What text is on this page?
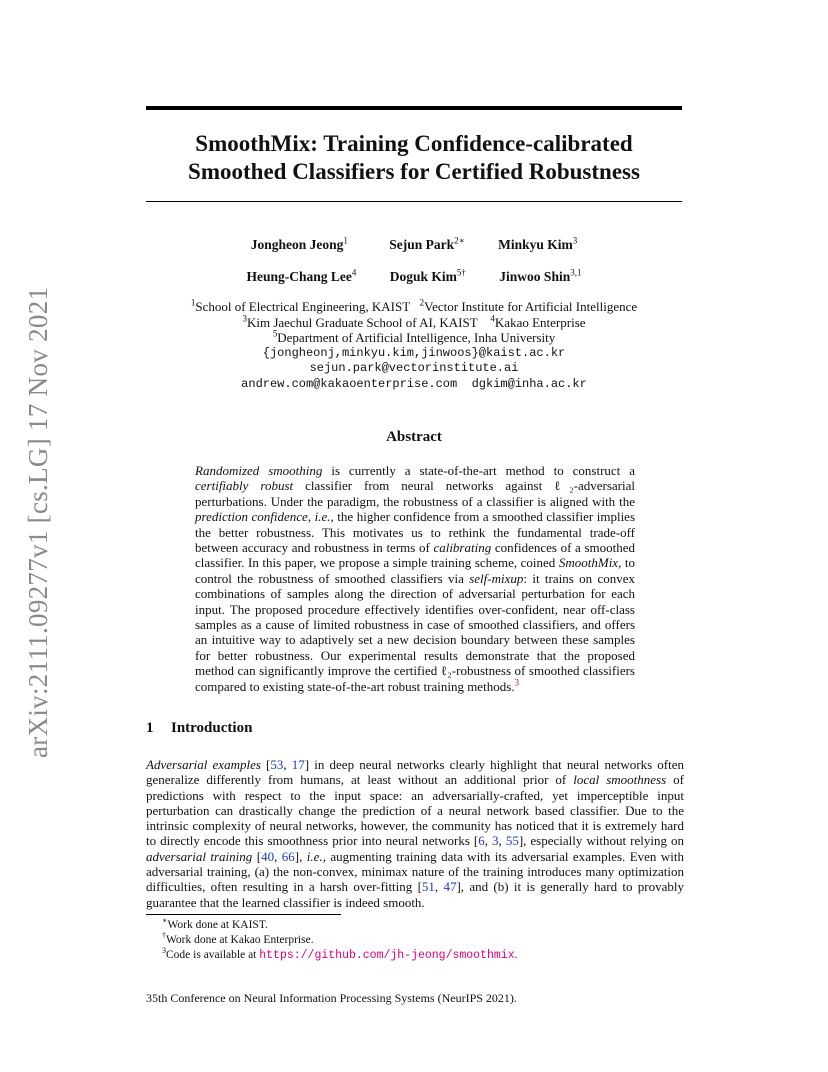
arXiv:2111.09277v1 [cs.LG] 17 Nov 2021
SmoothMix: Training Confidence-calibrated
Smoothed Classifiers for Certified Robustness
Jongheon Jeong$^1$	Sejun Park$^{2∗}$ Minkyu Kim$^3$
Heung-Chang Lee$^4$ Doguk Kim$^{5\dagger}$ Jinwoo Shin$^{3,1}$
$^1$School of Electrical Engineering, KAIST $^2$Vector Institute for Artificial Intelligence
$^3$Kim Jaechul Graduate School of AI, KAIST $^4$Kakao Enterprise
$^5$Department of Artificial Intelligence, Inha University
{jongheonj,minkyu.kim,jinwoos}@kaist.ac.kr
sejun.park@vectorinstitute.ai
andrew.com@kakaoenterprise.com  dgkim@inha.ac.kr
Abstract

Randomized smoothing is currently a state-of-the-art method to construct a certifiably robust classifier from neural networks against ℓ₂-adversarial perturbations. Under the paradigm, the robustness of a classifier is aligned with the prediction confidence, i.e., the higher confidence from a smoothed classifier implies the better robustness. This motivates us to rethink the fundamental trade-off between accuracy and robustness in terms of calibrating confidences of a smoothed classifier. In this paper, we propose a simple training scheme, coined SmoothMix, to control the robustness of smoothed classifiers via self-mixup: it trains on convex combinations of samples along the direction of adversarial perturbation for each input. The proposed procedure effectively identifies over-confident, near off-class samples as a cause of limited robustness in case of smoothed classifiers, and offers an intuitive way to adaptively set a new decision boundary between these samples for better robustness. Our experimental results demonstrate that the proposed method can significantly improve the certified ℓ₂-robustness of smoothed classifiers compared to existing state-of-the-art robust training methods.$^3$

1 Introduction

Adversarial examples [53, 17] in deep neural networks clearly highlight that neural networks often generalize differently from humans, at least without an additional prior of local smoothness of predictions with respect to the input space: an adversarially-crafted, yet imperceptible input perturbation can drastically change the prediction of a neural network based classifier. Due to the intrinsic complexity of neural networks, however, the community has noticed that it is extremely hard to directly encode this smoothness prior into neural networks [6, 3, 55], especially without relying on adversarial training [40, 66], i.e., augmenting training data with its adversarial examples. Even with adversarial training, (a) the non-convex, minimax nature of the training introduces many optimization difficulties, often resulting in a harsh over-fitting [51, 47], and (b) it is generally hard to provably guarantee that the learned classifier is indeed smooth.

∗Work done at KAIST.
†Work done at Kakao Enterprise.
$^3$Code is available at https://github.com/jh-jeong/smoothmix.
35th Conference on Neural Information Processing Systems (NeurIPS 2021).
